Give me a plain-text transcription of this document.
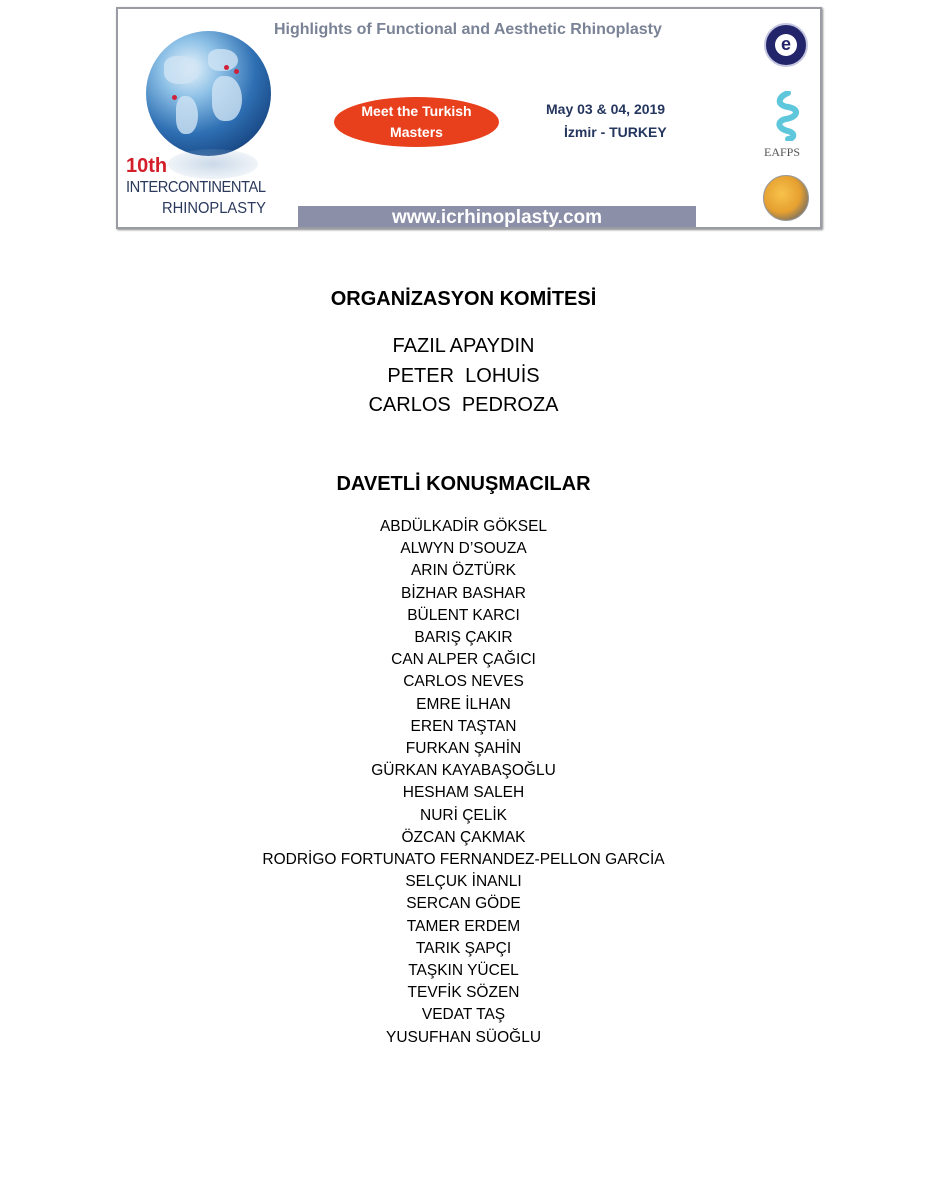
10th
INTERCONTINENTAL
RHINOPLASTY
Highlights of Functional and Aesthetic Rhinoplasty
Meet the Turkish
Masters
May 03 & 04, 2019
İzmir - TURKEY
www.icrhinoplasty.com
e
EAFPS
ORGANİZASYON KOMİTESİ
FAZIL APAYDIN
PETER  LOHUİS
CARLOS  PEDROZA
DAVETLİ KONUŞMACILAR
ABDÜLKADİR GÖKSEL
ALWYN D’SOUZA
ARIN ÖZTÜRK
BİZHAR BASHAR
BÜLENT KARCI
BARIŞ ÇAKIR
CAN ALPER ÇAĞICI
CARLOS NEVES
EMRE İLHAN
EREN TAŞTAN
FURKAN ŞAHİN
GÜRKAN KAYABAŞOĞLU
HESHAM SALEH
NURİ ÇELİK
ÖZCAN ÇAKMAK
RODRİGO FORTUNATO FERNANDEZ-PELLON GARCİA
SELÇUK İNANLI
SERCAN GÖDE
TAMER ERDEM
TARIK ŞAPÇI
TAŞKIN YÜCEL
TEVFİK SÖZEN
VEDAT TAŞ
YUSUFHAN SÜOĞLU
